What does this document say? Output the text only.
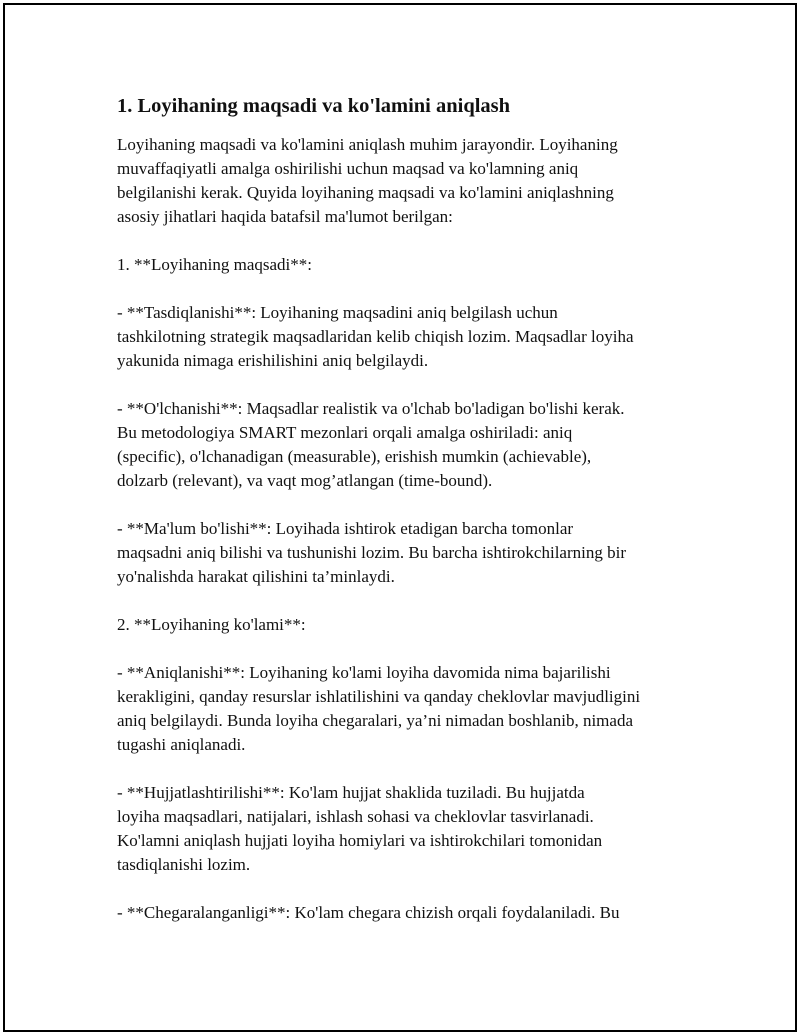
1. Loyihaning maqsadi va ko'lamini aniqlash

Loyihaning maqsadi va ko'lamini aniqlash muhim jarayondir. Loyihaning
muvaffaqiyatli amalga oshirilishi uchun maqsad va ko'lamning aniq
belgilanishi kerak. Quyida loyihaning maqsadi va ko'lamini aniqlashning
asosiy jihatlari haqida batafsil ma'lumot berilgan:

1. **Loyihaning maqsadi**:

- **Tasdiqlanishi**: Loyihaning maqsadini aniq belgilash uchun
tashkilotning strategik maqsadlaridan kelib chiqish lozim. Maqsadlar loyiha
yakunida nimaga erishilishini aniq belgilaydi.

- **O'lchanishi**: Maqsadlar realistik va o'lchab bo'ladigan bo'lishi kerak.
Bu metodologiya SMART mezonlari orqali amalga oshiriladi: aniq
(specific), o'lchanadigan (measurable), erishish mumkin (achievable),
dolzarb (relevant), va vaqt mog’atlangan (time-bound).

- **Ma'lum bo'lishi**: Loyihada ishtirok etadigan barcha tomonlar
maqsadni aniq bilishi va tushunishi lozim. Bu barcha ishtirokchilarning bir
yo'nalishda harakat qilishini ta’minlaydi.

2. **Loyihaning ko'lami**:

- **Aniqlanishi**: Loyihaning ko'lami loyiha davomida nima bajarilishi
kerakligini, qanday resurslar ishlatilishini va qanday cheklovlar mavjudligini
aniq belgilaydi. Bunda loyiha chegaralari, ya’ni nimadan boshlanib, nimada
tugashi aniqlanadi.

- **Hujjatlashtirilishi**: Ko'lam hujjat shaklida tuziladi. Bu hujjatda
loyiha maqsadlari, natijalari, ishlash sohasi va cheklovlar tasvirlanadi.
Ko'lamni aniqlash hujjati loyiha homiylari va ishtirokchilari tomonidan
tasdiqlanishi lozim.

- **Chegaralanganligi**: Ko'lam chegara chizish orqali foydalaniladi. Bu
